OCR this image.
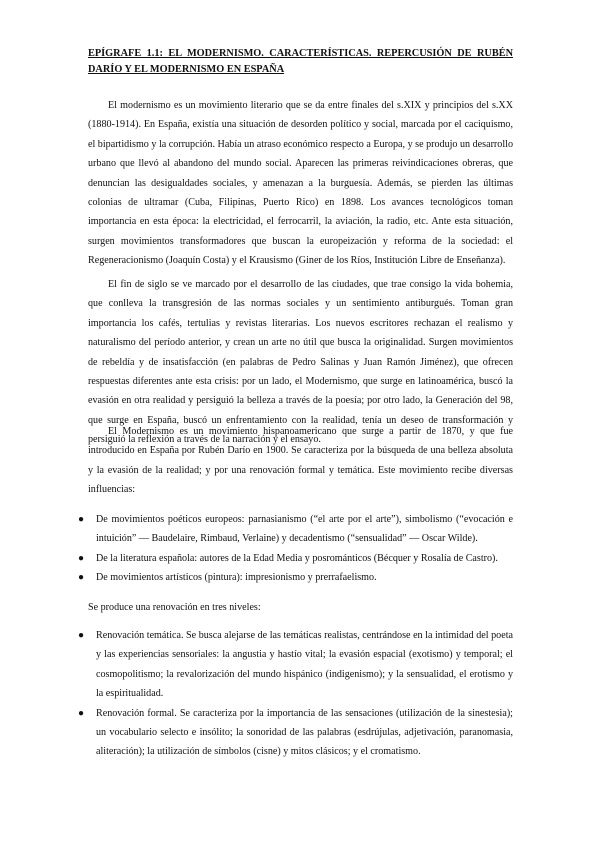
EPÍGRAFE 1.1: EL MODERNISMO. CARACTERÍSTICAS. REPERCUSIÓN DE RUBÉN DARÍO Y EL MODERNISMO EN ESPAÑA

El modernismo es un movimiento literario que se da entre finales del s.XIX y principios del s.XX (1880-1914). En España, existía una situación de desorden político y social, marcada por el caciquismo, el bipartidismo y la corrupción. Había un atraso económico respecto a Europa, y se produjo un desarrollo urbano que llevó al abandono del mundo social. Aparecen las primeras reivindicaciones obreras, que denuncian las desigualdades sociales, y amenazan a la burguesía. Además, se pierden las últimas colonias de ultramar (Cuba, Filipinas, Puerto Rico) en 1898. Los avances tecnológicos toman importancia en esta época: la electricidad, el ferrocarril, la aviación, la radio, etc. Ante esta situación, surgen movimientos transformadores que buscan la europeización y reforma de la sociedad: el Regeneracionismo (Joaquín Costa) y el Krausismo (Giner de los Ríos, Institución Libre de Enseñanza).

El fin de siglo se ve marcado por el desarrollo de las ciudades, que trae consigo la vida bohemia, que conlleva la transgresión de las normas sociales y un sentimiento antiburgués. Toman gran importancia los cafés, tertulias y revistas literarias. Los nuevos escritores rechazan el realismo y naturalismo del período anterior, y crean un arte no útil que busca la originalidad. Surgen movimientos de rebeldía y de insatisfacción (en palabras de Pedro Salinas y Juan Ramón Jiménez), que ofrecen respuestas diferentes ante esta crisis: por un lado, el Modernismo, que surge en latinoamérica, buscó la evasión en otra realidad y persiguió la belleza a través de la poesía; por otro lado, la Generación del 98, que surge en España, buscó un enfrentamiento con la realidad, tenía un deseo de transformación y persiguió la reflexión a través de la narración y el ensayo.

El Modernismo es un movimiento hispanoamericano que surge a partir de 1870, y que fue introducido en España por Rubén Darío en 1900. Se caracteriza por la búsqueda de una belleza absoluta y la evasión de la realidad; y por una renovación formal y temática. Este movimiento recibe diversas influencias:

● De movimientos poéticos europeos: parnasianismo (“el arte por el arte”), simbolismo (“evocación e intuición” — Baudelaire, Rimbaud, Verlaine) y decadentismo (“sensualidad” — Oscar Wilde).
● De la literatura española: autores de la Edad Media y posrománticos (Bécquer y Rosalía de Castro).
● De movimientos artísticos (pintura): impresionismo y prerrafaelismo.

Se produce una renovación en tres niveles:

● Renovación temática. Se busca alejarse de las temáticas realistas, centrándose en la intimidad del poeta y las experiencias sensoriales: la angustia y hastío vital; la evasión espacial (exotismo) y temporal; el cosmopolitismo; la revalorización del mundo hispánico (indigenismo); y la sensualidad, el erotismo y la espiritualidad.
● Renovación formal. Se caracteriza por la importancia de las sensaciones (utilización de la sinestesia); un vocabulario selecto e insólito; la sonoridad de las palabras (esdrújulas, adjetivación, paranomasia, aliteración); la utilización de símbolos (cisne) y mitos clásicos; y el cromatismo.
